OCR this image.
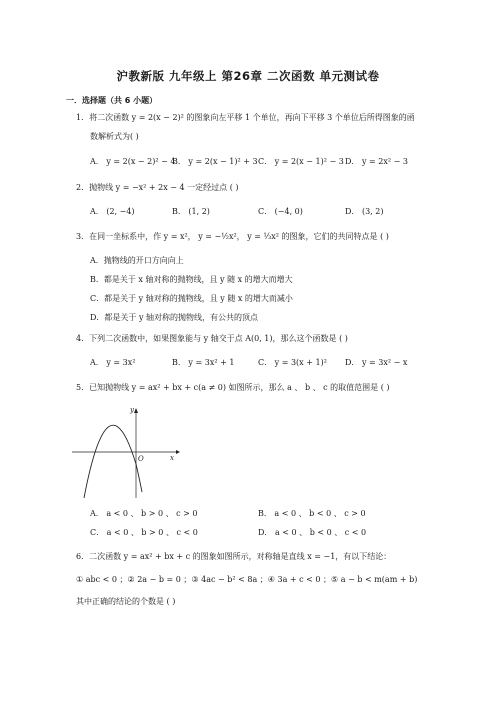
沪教新版 九年级上 第26章 二次函数 单元测试卷
一．选择题（共 6 小题）
1．将二次函数 y = 2(x − 2)² 的图象向左平移 1 个单位，再向下平移 3 个单位后所得图象的函
数解析式为( )
A． y = 2(x − 2)² − 4
B． y = 2(x − 1)² + 3 C． y = 2(x − 1)² − 3 D． y = 2x² − 3
2．抛物线 y = −x² + 2x − 4 一定经过点 ( )
A． (2, −4)	B． (1, 2)	C． (−4, 0)	D． (3, 2)
3．在同一坐标系中，作 y = x²， y = −½x²， y = ⅓x² 的图象，它们的共同特点是 ( )
A．抛物线的开口方向向上
B．都是关于 x 轴对称的抛物线，且 y 随 x 的增大而增大
C．都是关于 y 轴对称的抛物线，且 y 随 x 的增大而减小
D．都是关于 y 轴对称的抛物线，有公共的顶点
4．下列二次函数中，如果图象能与 y 轴交于点 A(0, 1)，那么这个函数是 ( )
A． y = 3x²	B． y = 3x² + 1	C． y = 3(x + 1)² D． y = 3x² − x
5．已知抛物线 y = ax² + bx + c(a ≠ 0) 如图所示，那么 a 、 b 、 c 的取值范围是 ( )
y
O	x
A． a < 0 、 b > 0 、 c > 0	B． a < 0 、 b < 0 、 c > 0
C． a < 0 、 b > 0 、 c < 0	D． a < 0 、 b < 0 、 c < 0
6．二次函数 y = ax² + bx + c 的图象如图所示，对称轴是直线 x = −1，有以下结论：
① abc < 0 ；② 2a − b = 0 ；③ 4ac − b² < 8a ；④ 3a + c < 0 ；⑤ a − b < m(am + b)
其中正确的结论的个数是 ( )
